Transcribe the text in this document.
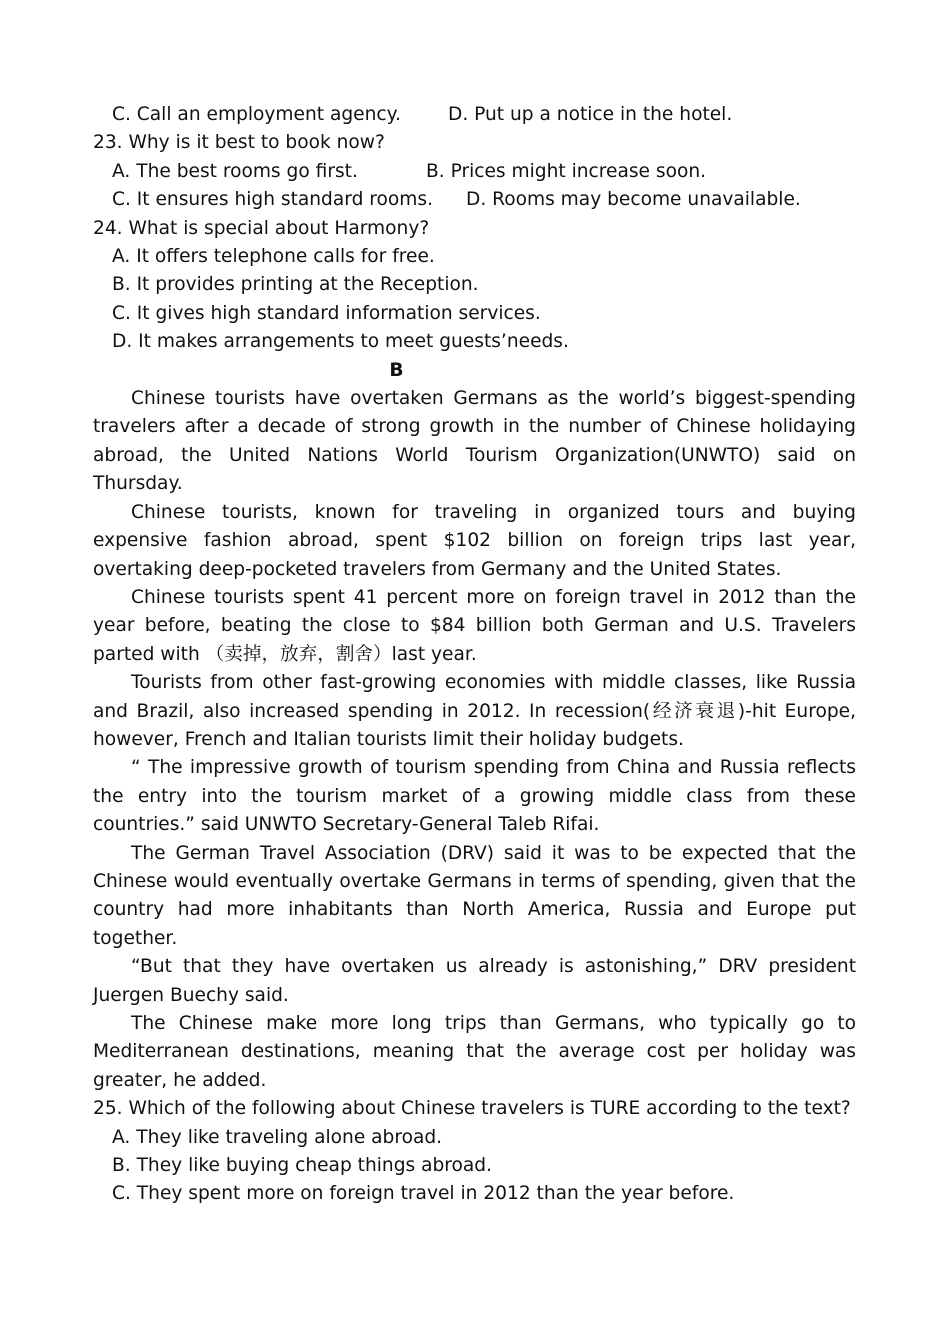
C. Call an employment agency.	D. Put up a notice in the hotel.
23. Why is it best to book now?
A. The best rooms go first.	B. Prices might increase soon.
C. It ensures high standard rooms.	D. Rooms may become unavailable.
24. What is special about Harmony?
A. It offers telephone calls for free.
B. It provides printing at the Reception.
C. It gives high standard information services.
D. It makes arrangements to meet guests’needs.
B

Chinese tourists have overtaken Germans as the world’s biggest-spending travelers after a decade of strong growth in the number of Chinese holidaying abroad, the United Nations World Tourism Organization(UNWTO) said on Thursday.

Chinese tourists, known for traveling in organized tours and buying expensive fashion abroad, spent $102 billion on foreign trips last year, overtaking deep-pocketed travelers from Germany and the United States.

Chinese tourists spent 41 percent more on foreign travel in 2012 than the year before, beating the close to $84 billion both German and U.S. Travelers parted with （卖掉，放弃，割舍）last year.

Tourists from other fast-growing economies with middle classes, like Russia and Brazil, also increased spending in 2012. In recession(经济衰退)-hit Europe, however, French and Italian tourists limit their holiday budgets.

“ The impressive growth of tourism spending from China and Russia reflects the entry into the tourism market of a growing middle class from these countries.” said UNWTO Secretary-General Taleb Rifai.

The German Travel Association (DRV) said it was to be expected that the Chinese would eventually overtake Germans in terms of spending, given that the country had more inhabitants than North America, Russia and Europe put together.

“But that they have overtaken us already is astonishing,” DRV president Juergen Buechy said.

The Chinese make more long trips than Germans, who typically go to Mediterranean destinations, meaning that the average cost per holiday was greater, he added.

25. Which of the following about Chinese travelers is TURE according to the text?

A. They like traveling alone abroad.
B. They like buying cheap things abroad.
C. They spent more on foreign travel in 2012 than the year before.
